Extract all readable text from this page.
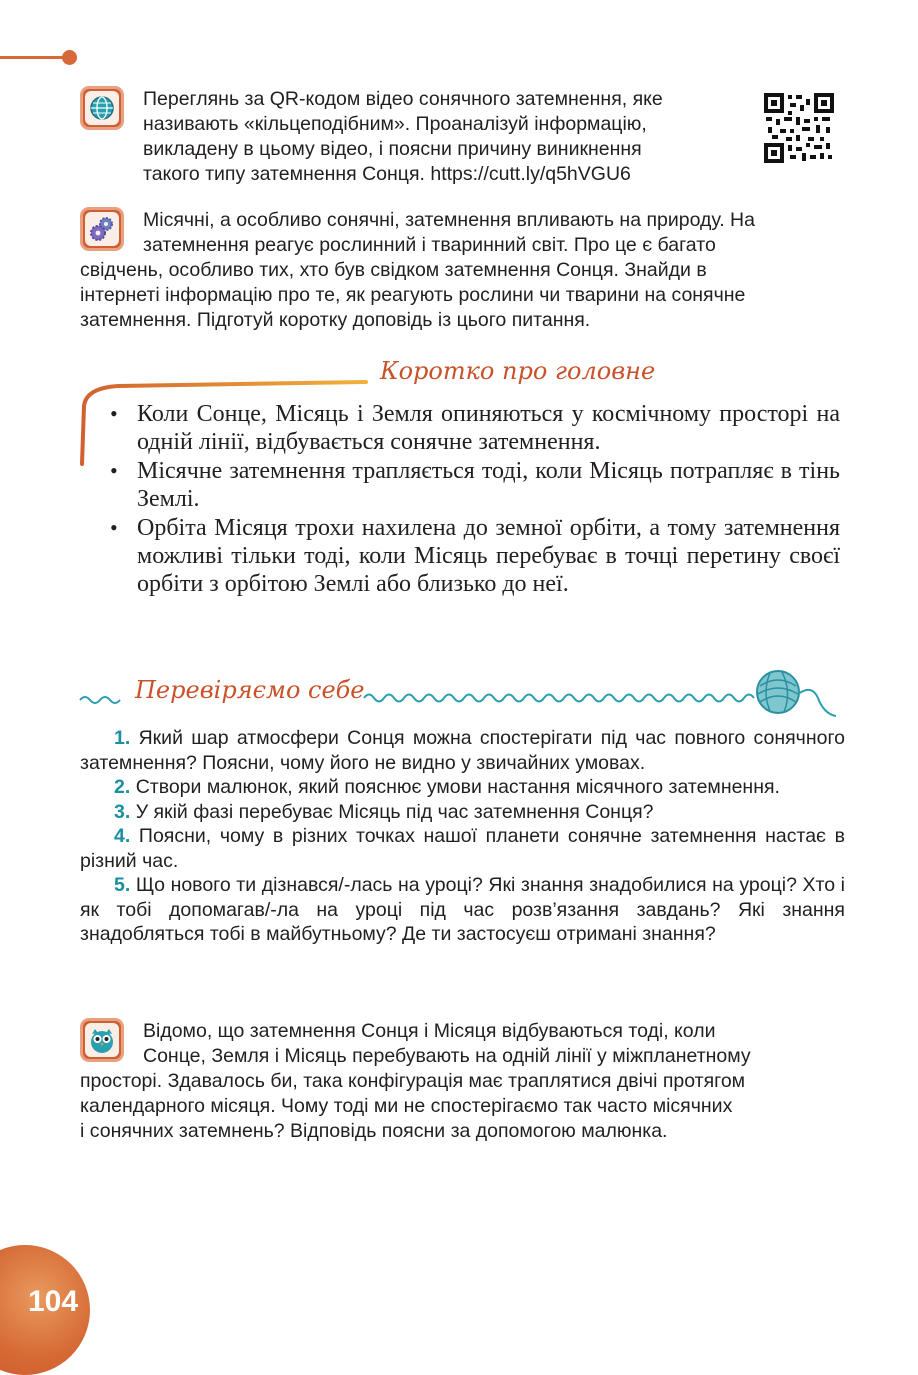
Переглянь за QR-кодом відео сонячного затемнення, яке
називають «кільцеподібним». Проаналізуй інформацію,
викладену в цьому відео, і поясни причину виникнення
такого типу затемнення Сонця. https://cutt.ly/q5hVGU6
Місячні, а особливо сонячні, затемнення впливають на природу. На
затемнення реагує рослинний і тваринний світ. Про це є багато
свідчень, особливо тих, хто був свідком затемнення Сонця. Знайди в
інтернеті інформацію про те, як реагують рослини чи тварини на сонячне
затемнення. Підготуй коротку доповідь із цього питання.
Коротко про головне
• Коли Сонце, Місяць і Земля опиняються у космічному просторі на одній лінії, відбувається сонячне затемнення.
• Місячне затемнення трапляється тоді, коли Місяць потрапляє в тінь Землі.
• Орбіта Місяця трохи нахилена до земної орбіти, а тому затемнення можливі тільки тоді, коли Місяць перебуває в точці перетину своєї орбіти з орбітою Землі або близько до неї.
Перевіряємо себе

1. Який шар атмосфери Сонця можна спостерігати під час повного сонячного затемнення? Поясни, чому його не видно у звичайних умовах.

2. Створи малюнок, який пояснює умови настання місячного затемнення.

3. У якій фазі перебуває Місяць під час затемнення Сонця?

4. Поясни, чому в різних точках нашої планети сонячне затемнення настає в різний час.

5. Що нового ти дізнався/-лась на уроці? Які знання знадобилися на уроці? Хто і як тобі допомагав/-ла на уроці під час розв’язання завдань? Які знання знадобляться тобі в майбутньому? Де ти застосуєш отримані знання?

Відомо, що затемнення Сонця і Місяця відбуваються тоді, коли
Сонце, Земля і Місяць перебувають на одній лінії у міжпланетному
просторі. Здавалось би, така конфігурація має траплятися двічі протягом
календарного місяця. Чому тоді ми не спостерігаємо так часто місячних
і сонячних затемнень? Відповідь поясни за допомогою малюнка.
104
